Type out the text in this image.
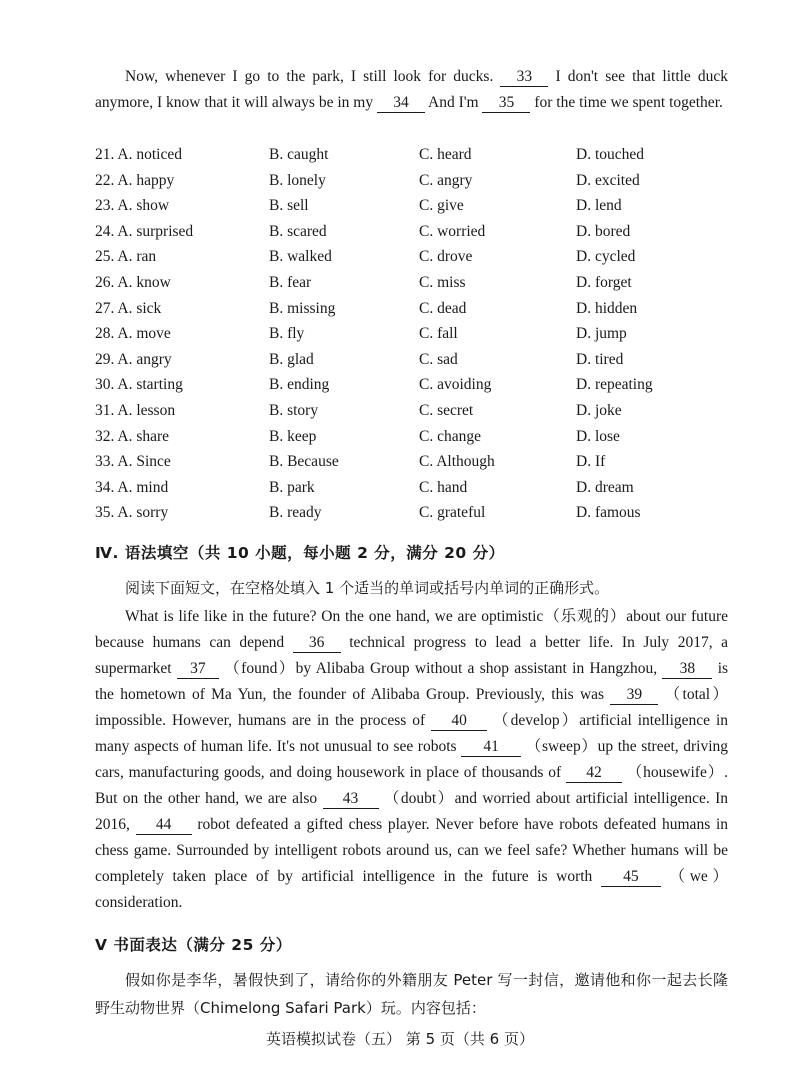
Now, whenever I go to the park, I still look for ducks. 33 I don't see that little duck anymore, I know that it will always be in my 34 And I'm 35 for the time we spent together.
21. A. noticed	B. caught	C. heard	D. touched
22. A. happy	B. lonely	C. angry	D. excited
23. A. show	B. sell	C. give	D. lend
24. A. surprised	B. scared	C. worried	D. bored
25. A. ran	B. walked	C. drove	D. cycled
26. A. know	B. fear	C. miss	D. forget
27. A. sick	B. missing	C. dead	D. hidden
28. A. move	B. fly	C. fall	D. jump
29. A. angry	B. glad	C. sad	D. tired
30. A. starting	B. ending	C. avoiding	D. repeating
31. A. lesson	B. story	C. secret	D. joke
32. A. share	B. keep	C. change	D. lose
33. A. Since	B. Because	C. Although	D. If
34. A. mind	B. park	C. hand	D. dream
35. A. sorry	B. ready	C. grateful	D. famous
Ⅳ. 语法填空（共 10 小题，每小题 2 分，满分 20 分）
阅读下面短文，在空格处填入 1 个适当的单词或括号内单词的正确形式。
What is life like in the future? On the one hand, we are optimistic（乐观的）about our future because humans can depend 36 technical progress to lead a better life. In July 2017, a supermarket 37 （found）by Alibaba Group without a shop assistant in Hangzhou, 38 is the hometown of Ma Yun, the founder of Alibaba Group. Previously, this was 39 （total）impossible. However, humans are in the process of 40 （develop）artificial intelligence in many aspects of human life. It's not unusual to see robots 41 （sweep）up the street, driving cars, manufacturing goods, and doing housework in place of thousands of 42 （housewife）. But on the other hand, we are also 43 （doubt）and worried about artificial intelligence. In 2016, 44 robot defeated a gifted chess player. Never before have robots defeated humans in chess game. Surrounded by intelligent robots around us, can we feel safe? Whether humans will be completely taken place of by artificial intelligence in the future is worth 45 （we）consideration.
Ⅴ 书面表达（满分 25 分）
假如你是李华，暑假快到了，请给你的外籍朋友 Peter 写一封信，邀请他和你一起去长隆野生动物世界（Chimelong Safari Park）玩。内容包括：
英语模拟试卷（五） 第 5 页（共 6 页）
